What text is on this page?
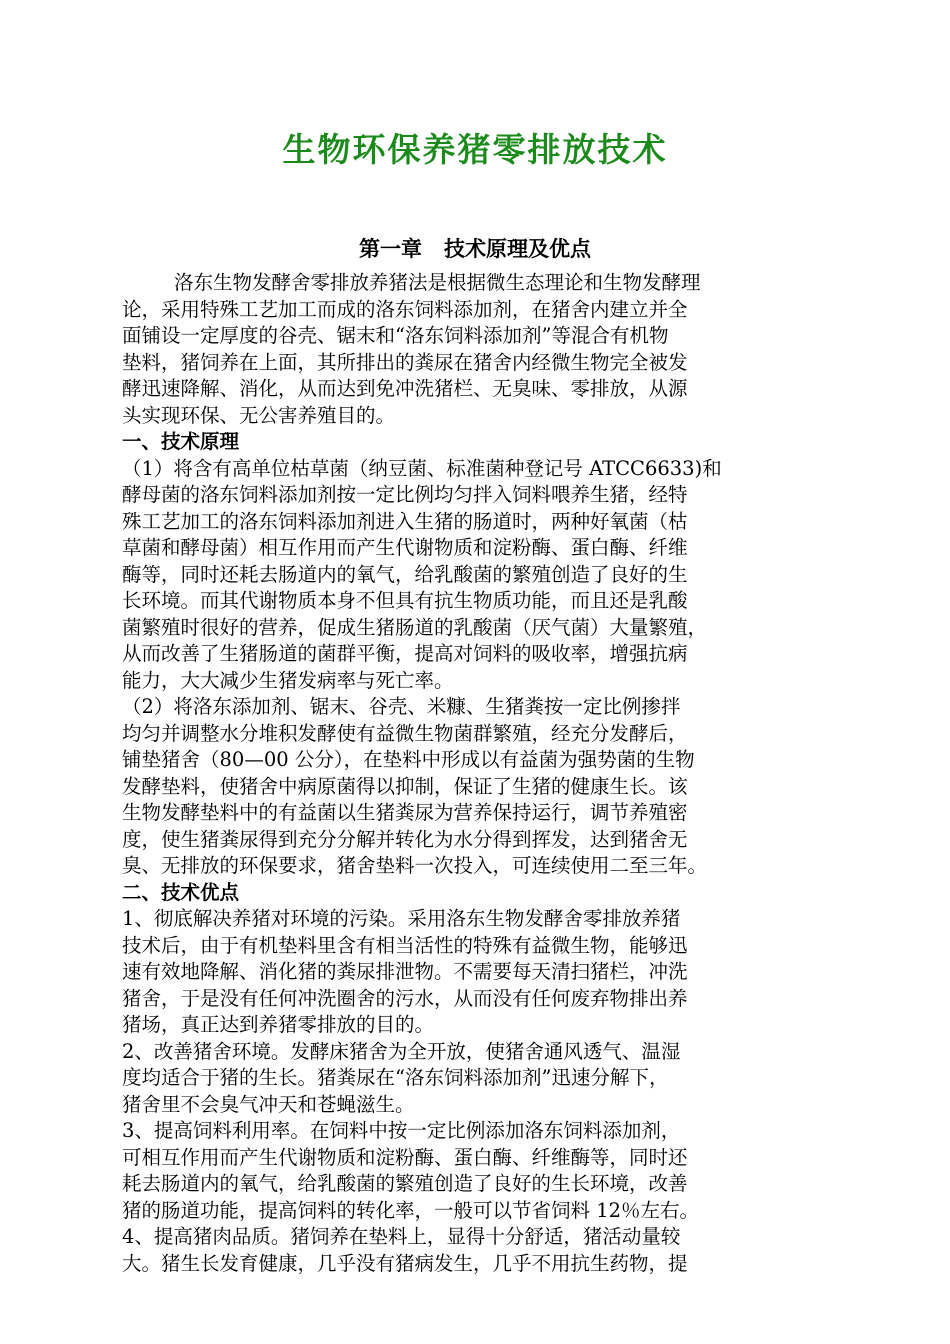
生物环保养猪零排放技术
第一章   技术原理及优点
洛东生物发酵舍零排放养猪法是根据微生态理论和生物发酵理
论，采用特殊工艺加工而成的洛东饲料添加剂，在猪舍内建立并全
面铺设一定厚度的谷壳、锯末和“洛东饲料添加剂”等混合有机物
垫料，猪饲养在上面，其所排出的粪尿在猪舍内经微生物完全被发
酵迅速降解、消化，从而达到免冲洗猪栏、无臭味、零排放，从源
头实现环保、无公害养殖目的。
一、技术原理
（1）将含有高单位枯草菌（纳豆菌、标准菌种登记号 ATCC6633)和
酵母菌的洛东饲料添加剂按一定比例均匀拌入饲料喂养生猪，经特
殊工艺加工的洛东饲料添加剂进入生猪的肠道时，两种好氧菌（枯
草菌和酵母菌）相互作用而产生代谢物质和淀粉酶、蛋白酶、纤维
酶等，同时还耗去肠道内的氧气，给乳酸菌的繁殖创造了良好的生
长环境。而其代谢物质本身不但具有抗生物质功能，而且还是乳酸
菌繁殖时很好的营养，促成生猪肠道的乳酸菌（厌气菌）大量繁殖，
从而改善了生猪肠道的菌群平衡，提高对饲料的吸收率，增强抗病
能力，大大减少生猪发病率与死亡率。
（2）将洛东添加剂、锯末、谷壳、米糠、生猪粪按一定比例掺拌
均匀并调整水分堆积发酵使有益微生物菌群繁殖，经充分发酵后，
铺垫猪舍（80—00 公分），在垫料中形成以有益菌为强势菌的生物
发酵垫料，使猪舍中病原菌得以抑制，保证了生猪的健康生长。该
生物发酵垫料中的有益菌以生猪粪尿为营养保持运行，调节养殖密
度，使生猪粪尿得到充分分解并转化为水分得到挥发，达到猪舍无
臭、无排放的环保要求，猪舍垫料一次投入，可连续使用二至三年。
二、技术优点
1、彻底解决养猪对环境的污染。采用洛东生物发酵舍零排放养猪
技术后，由于有机垫料里含有相当活性的特殊有益微生物，能够迅
速有效地降解、消化猪的粪尿排泄物。不需要每天清扫猪栏，冲洗
猪舍，于是没有任何冲洗圈舍的污水，从而没有任何废弃物排出养
猪场，真正达到养猪零排放的目的。
2、改善猪舍环境。发酵床猪舍为全开放，使猪舍通风透气、温湿
度均适合于猪的生长。猪粪尿在“洛东饲料添加剂”迅速分解下，
猪舍里不会臭气冲天和苍蝇滋生。
3、提高饲料利用率。在饲料中按一定比例添加洛东饲料添加剂，
可相互作用而产生代谢物质和淀粉酶、蛋白酶、纤维酶等，同时还
耗去肠道内的氧气，给乳酸菌的繁殖创造了良好的生长环境，改善
猪的肠道功能，提高饲料的转化率，一般可以节省饲料 12％左右。
4、提高猪肉品质。猪饲养在垫料上，显得十分舒适，猪活动量较
大。猪生长发育健康，几乎没有猪病发生，几乎不用抗生药物，提
